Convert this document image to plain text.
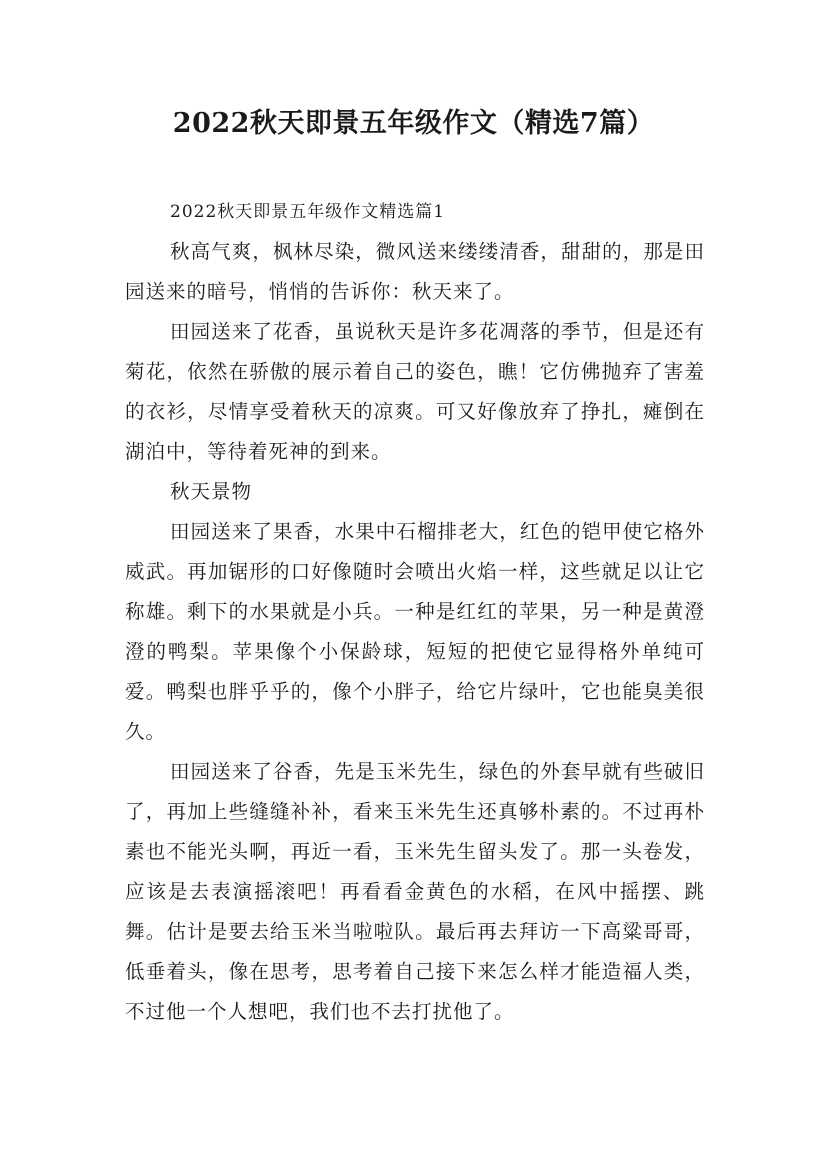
2022秋天即景五年级作文（精选7篇）

2022秋天即景五年级作文精选篇1

秋高气爽，枫林尽染，微风送来缕缕清香，甜甜的，那是田园送来的暗号，悄悄的告诉你：秋天来了。

田园送来了花香，虽说秋天是许多花凋落的季节，但是还有菊花，依然在骄傲的展示着自己的姿色，瞧！它仿佛抛弃了害羞的衣衫，尽情享受着秋天的凉爽。可又好像放弃了挣扎，瘫倒在湖泊中，等待着死神的到来。

秋天景物

田园送来了果香，水果中石榴排老大，红色的铠甲使它格外威武。再加锯形的口好像随时会喷出火焰一样，这些就足以让它称雄。剩下的水果就是小兵。一种是红红的苹果，另一种是黄澄澄的鸭梨。苹果像个小保龄球，短短的把使它显得格外单纯可爱。鸭梨也胖乎乎的，像个小胖子，给它片绿叶，它也能臭美很久。

田园送来了谷香，先是玉米先生，绿色的外套早就有些破旧了，再加上些缝缝补补，看来玉米先生还真够朴素的。不过再朴素也不能光头啊，再近一看，玉米先生留头发了。那一头卷发，应该是去表演摇滚吧！再看看金黄色的水稻，在风中摇摆、跳舞。估计是要去给玉米当啦啦队。最后再去拜访一下高粱哥哥，低垂着头，像在思考，思考着自己接下来怎么样才能造福人类，不过他一个人想吧，我们也不去打扰他了。
